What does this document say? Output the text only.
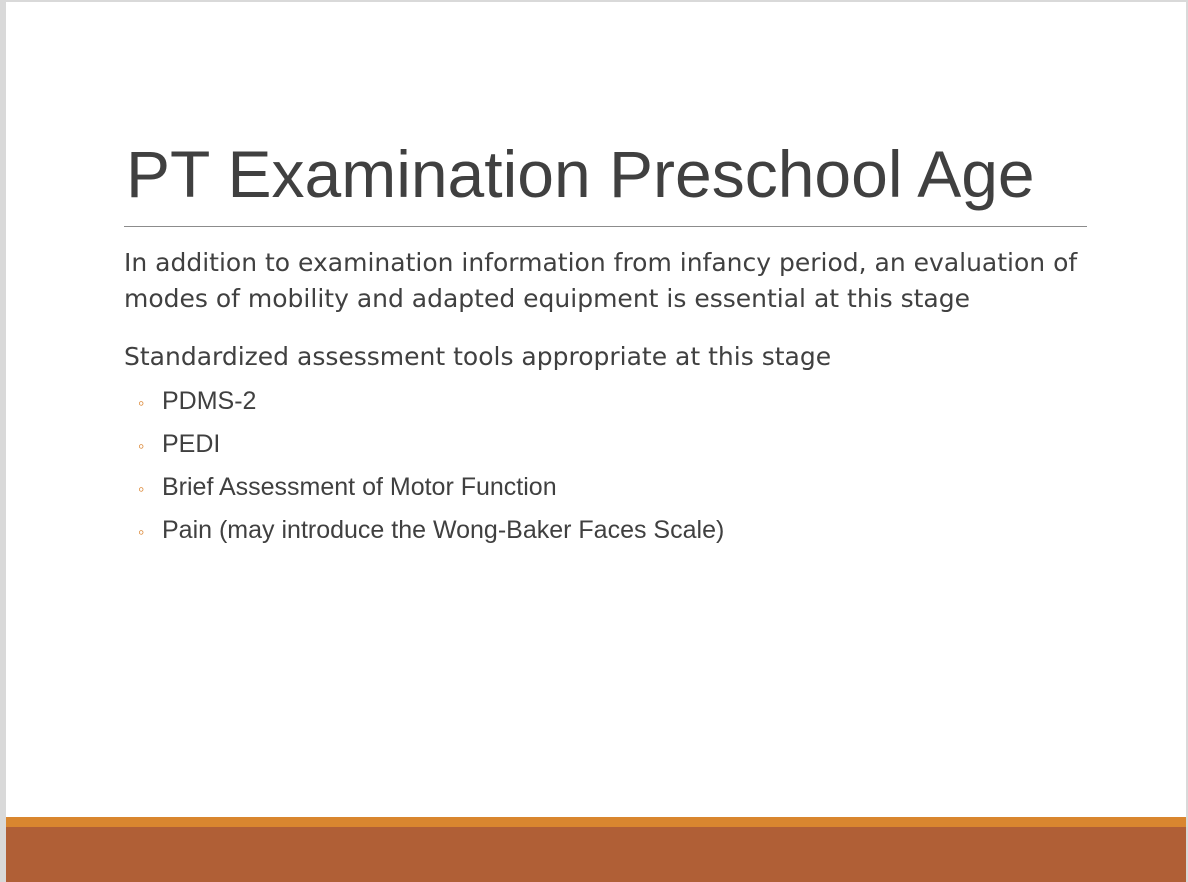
PT Examination Preschool Age

In addition to examination information from infancy period, an evaluation of modes of mobility and adapted equipment is essential at this stage

Standardized assessment tools appropriate at this stage

◦ PDMS-2
◦ PEDI
◦ Brief Assessment of Motor Function
◦ Pain (may introduce the Wong-Baker Faces Scale)
